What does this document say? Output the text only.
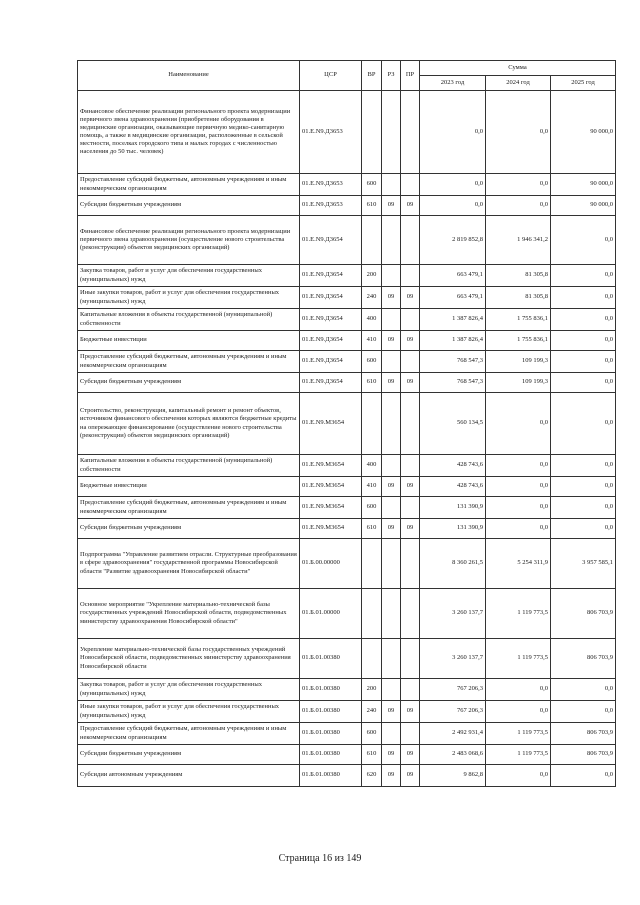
Наименование	ЦСР	ВР	РЗ	ПР	Сумма		
					2023 год	2024 год	2025 год
Финансовое обеспечение реализации регионального проекта модернизации первичного звена здравоохранения (приобретение оборудования в медицинские организации, оказывающие первичную медико-санитарную помощь, а также в медицинские организации, расположенные в сельской местности, поселках городского типа и малых городах с численностью населения до 50 тыс. человек)	01.Е.N9.Д3653				0,0	0,0	90 000,0
Предоставление субсидий бюджетным, автономным учреждениям и иным некоммерческим организациям	01.Е.N9.Д3653	600			0,0	0,0	90 000,0
Субсидии бюджетным учреждениям	01.Е.N9.Д3653	610	09	09	0,0	0,0	90 000,0
Финансовое обеспечение реализации регионального проекта модернизации первичного звена здравоохранения (осуществление нового строительства (реконструкции) объектов медицинских организаций)	01.Е.N9.Д3654				2 819 852,8	1 946 341,2	0,0
Закупка товаров, работ и услуг для обеспечения государственных (муниципальных) нужд	01.Е.N9.Д3654	200			663 479,1	81 305,8	0,0
Иные закупки товаров, работ и услуг для обеспечения государственных (муниципальных) нужд	01.Е.N9.Д3654	240	09	09	663 479,1	81 305,8	0,0
Капитальные вложения в объекты государственной (муниципальной) собственности	01.Е.N9.Д3654	400			1 387 826,4	1 755 836,1	0,0
Бюджетные инвестиции	01.Е.N9.Д3654	410	09	09	1 387 826,4	1 755 836,1	0,0
Предоставление субсидий бюджетным, автономным учреждениям и иным некоммерческим организациям	01.Е.N9.Д3654	600			768 547,3	109 199,3	0,0
Субсидии бюджетным учреждениям	01.Е.N9.Д3654	610	09	09	768 547,3	109 199,3	0,0
Строительство, реконструкция, капитальный ремонт и ремонт объектов, источником финансового обеспечения которых являются бюджетные кредиты на опережающее финансирование (осуществление нового строительства (реконструкции) объектов медицинских организаций)	01.Е.N9.М3654				560 134,5	0,0	0,0
Капитальные вложения в объекты государственной (муниципальной) собственности	01.Е.N9.М3654	400			428 743,6	0,0	0,0
Бюджетные инвестиции	01.Е.N9.М3654	410	09	09	428 743,6	0,0	0,0
Предоставление субсидий бюджетным, автономным учреждениям и иным некоммерческим организациям	01.Е.N9.М3654	600			131 390,9	0,0	0,0
Субсидии бюджетным учреждениям	01.Е.N9.М3654	610	09	09	131 390,9	0,0	0,0
Подпрограмма "Управление развитием отрасли. Структурные преобразования в сфере здравоохранения" государственной программы Новосибирской области "Развитие здравоохранения Новосибирской области"	01.Б.00.00000				8 360 261,5	5 254 311,9	3 957 585,1
Основное мероприятие "Укрепление материально-технической базы государственных учреждений Новосибирской области, подведомственных министерству здравоохранения Новосибирской области"	01.Б.01.00000				3 260 137,7	1 119 773,5	806 703,9
Укрепление материально-технической базы государственных учреждений Новосибирской области, подведомственных министерству здравоохранения Новосибирской области	01.Б.01.00380				3 260 137,7	1 119 773,5	806 703,9
Закупка товаров, работ и услуг для обеспечения государственных (муниципальных) нужд	01.Б.01.00380	200			767 206,3	0,0	0,0
Иные закупки товаров, работ и услуг для обеспечения государственных (муниципальных) нужд	01.Б.01.00380	240	09	09	767 206,3	0,0	0,0
Предоставление субсидий бюджетным, автономным учреждениям и иным некоммерческим организациям	01.Б.01.00380	600			2 492 931,4	1 119 773,5	806 703,9
Субсидии бюджетным учреждениям	01.Б.01.00380	610	09	09	2 483 068,6	1 119 773,5	806 703,9
Субсидии автономным учреждениям	01.Б.01.00380	620	09	09	9 862,8	0,0	0,0
Страница 16 из 149
